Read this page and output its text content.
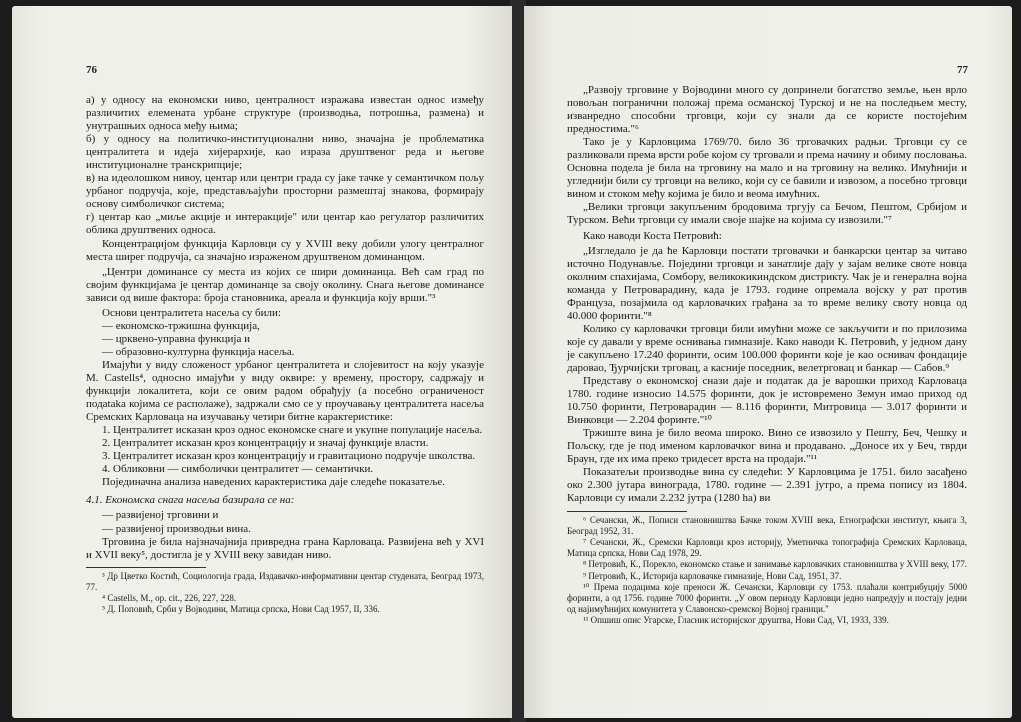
76

а) у односу на економски ниво, централност изражава известан однос између различитих елемената урбане структуре (производња, потрошња, размена) и унутрашњих односа међу њима;

б) у односу на политичко-институционални ниво, значајна је проблематика централитета и идеја хијерархије, као израза друштвеног реда и његове институционалне транскрипције;

в) на идеолошком нивоу, центар или центри града су јаке тачке у семантичком пољу урбаног подручја, које, представљајући просторни размештај знакова, формирају основу симболичког система;

г) центар као „миље акције и интеракције" или центар као регулатор различитих облика друштвених односа.

Концентрацијом функција Карловци су у XVIII веку добили улогу централног места ширег подручја, са значајно израженом друштвеном доминанцом.

„Центри доминансе су места из којих се шири доминанца. Већ сам град по својим функцијама је центар доминанце за своју околину. Снага његове доминансе зависи од више фактора: броја становника, ареала и функција коју врши."³

Основи централитета насеља су били:

— економско-тржишна функција,

— црквено-управна функција и

— образовно-културна функција насеља.

Имајући у виду сложеност урбаног централитета и слојевитост на коју указује M. Castells⁴, односно имајући у виду оквире: у времену, простору, садржају и функцији локалитета, који се овим радом обрађују (а посебно ограниченост подataka којима се располаже), задржали смо се у проучавању централитета насеља Сремских Карловаца на изучавању четири битне карактеристике:

1. Централитет исказан кроз однос економске снаге и укупне популације насеља.

2. Централитет исказан кроз концентрацију и значај функције власти.

3. Централитет исказан кроз концентрацију и гравитационо подручје школства.

4. Обликовни — симболички централитет — семантички.

Појединачна анализа наведених карактеристика даје следеће показатеље.

4.1. Економска снага насеља базирала се на:

— развијеној трговини и

— развијеној производњи вина.

Трговина је била најзначајнија привредна грана Карловаца. Развијена већ у XVI и XVII веку⁵, достигла је у XVIII веку завидан ниво.

³ Др Цветко Костић, Социологија града, Издавачко-информативни центар студената, Београд 1973, 77.

⁴ Castells, M., op. cit., 226, 227, 228.

⁵ Д. Поповић, Срби у Војводини, Матица српска, Нови Сад 1957, II, 336.

77

„Развоју трговине у Војводини много су допринели богатство земље, њен врло повољан погранични положај према османској Турској и не на последњем месту, изванредно способни трговци, који су знали да се користе постојећим предностима."⁶

Тако је у Карловцима 1769/70. било 36 трговачких радњи. Трговци су се разликовали према врсти робе којом су трговали и према начину и обиму пословања. Основна подела је била на трговину на мало и на трговину на велико. Имућнији и угледнији били су трговци на велико, који су се бавили и извозом, а посебно трговци вином и стоком међу којима је било и веома имућних.

„Велики трговци закупљеним бродовима тргују са Бечом, Пештом, Србијом и Турском. Већи трговци су имали своје шајке на којима су извозили."⁷

Како наводи Коста Петровић:

„Изгледало је да ће Карловци постати трговачки и банкарски центар за читаво источно Подунавље. Поједини трговци и занатлије дају у зајам велике своте новца околним спахијама, Сомбору, великокикиндском дистрикту. Чак је и генерална војна команда у Петроварадину, када је 1793. године опремала војску у рат против Француза, позајмила од карловачких грађана за то време велику своту новца од 40.000 форинти."⁸

Колико су карловачки трговци били имућни може се закључити и по прилозима које су давали у време оснивања гимназије. Како наводи К. Петровић, у једном дану је сакупљено 17.240 форинти, осим 100.000 форинти које је као оснивач фондације даровао, Ђурчијски трговац, а касније поседник, велетрговац и банкар — Сабов.⁹

Представу о економској снази даје и податак да је варошки приход Карловаца 1780. године износио 14.575 форинти, док је истовремено Земун имао приход од 10.750 форинти, Петроварадин — 8.116 форинти, Митровица — 3.017 форинти и Винковци — 2.204 форинте."¹⁰

Тржиште вина је било веома широко. Вино се извозило у Пешту, Беч, Чешку и Пољску, где је под именом карловачког вина и продавано. „Доносе их у Беч, тврди Браун, где их има преко тридесет врста на продаји."¹¹

Показатељи производње вина су следећи: У Карловцима је 1751. било засађено око 2.300 јутара винограда, 1780. године — 2.391 јутро, а према попису из 1804. Карловци су имали 2.232 јутра (1280 ha) ви

⁶ Сечански, Ж., Пописи становништва Бачке током XVIII века, Етнографски институт, књига 3, Београд 1952, 31.

⁷ Сечански, Ж., Сремски Карловци кроз историју, Уметничка топографија Сремских Карловаца, Матица српска, Нови Сад 1978, 29.

⁸ Петровић, К., Порекло, економско стање и занимање карловачких становништва у XVIII веку, 177.

⁹ Петровић, К., Историја карловачке гимназије, Нови Сад, 1951, 37.

¹⁰ Према подацима које преноси Ж. Сечански, Карловци су 1753. плаћали контрибуцију 5000 форинти, а од 1756. године 7000 форинти. „У овом периоду Карловци једно напредују и постају једни од најимућнијих комунитета у Славонско-сремској Војној граници."

¹¹ Опшиш опис Угарске, Гласник историјског друштва, Нови Сад, VI, 1933, 339.
